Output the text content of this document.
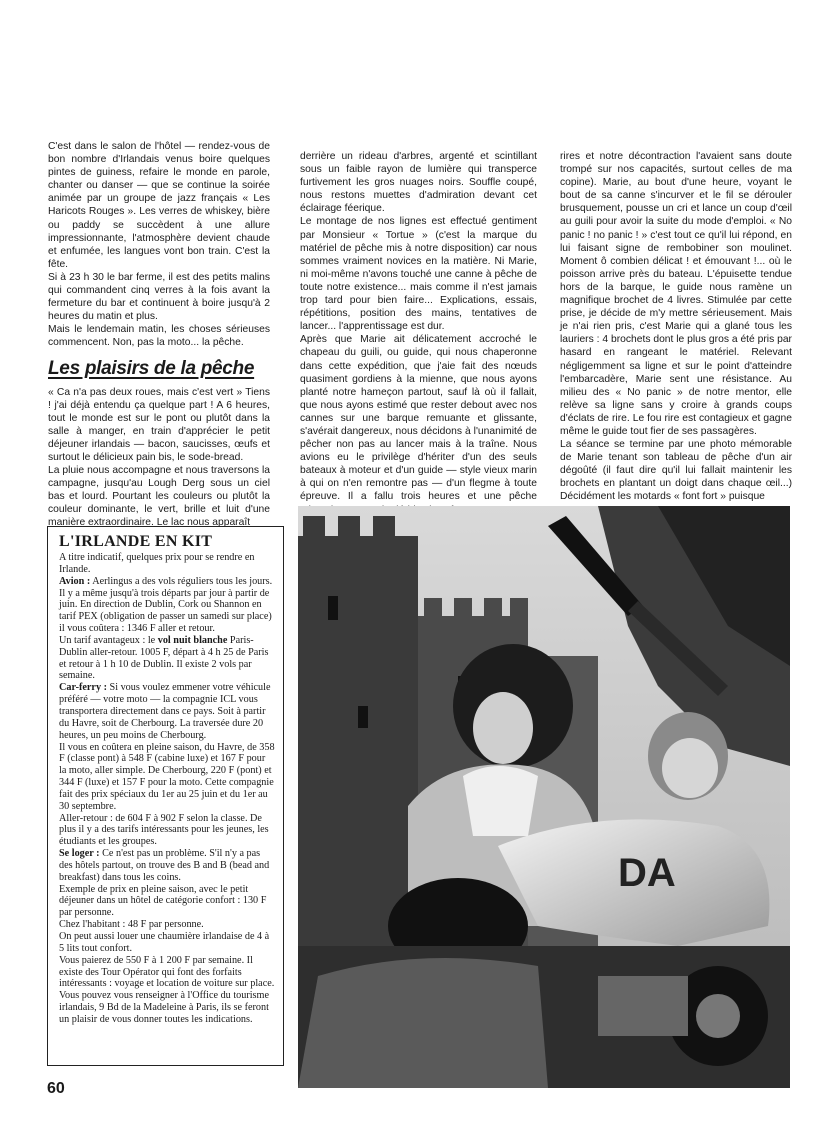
C'est dans le salon de l'hôtel — rendez-vous de bon nombre d'Irlandais venus boire quelques pintes de guiness, refaire le monde en parole, chanter ou danser — que se continue la soirée animée par un groupe de jazz français « Les Haricots Rouges ». Les verres de whiskey, bière ou paddy se succèdent à une allure impressionnante, l'atmosphère devient chaude et enfumée, les langues vont bon train. C'est la fête.

Si à 23 h 30 le bar ferme, il est des petits malins qui commandent cinq verres à la fois avant la fermeture du bar et continuent à boire jusqu'à 2 heures du matin et plus.

Mais le lendemain matin, les choses sérieuses commencent. Non, pas la moto... la pêche.

Les plaisirs de la pêche

« Ca n'a pas deux roues, mais c'est vert » Tiens ! j'ai déjà entendu ça quelque part ! A 6 heures, tout le monde est sur le pont ou plutôt dans la salle à manger, en train d'apprécier le petit déjeuner irlandais — bacon, saucisses, œufs et surtout le délicieux pain bis, le sode-bread.

La pluie nous accompagne et nous traversons la campagne, jusqu'au Lough Derg sous un ciel bas et lourd. Pourtant les couleurs ou plutôt la couleur dominante, le vert, brille et luit d'une manière extraordinaire. Le lac nous apparaît

derrière un rideau d'arbres, argenté et scintillant sous un faible rayon de lumière qui transperce furtivement les gros nuages noirs. Souffle coupé, nous restons muettes d'admiration devant cet éclairage féerique.

Le montage de nos lignes est effectué gentiment par Monsieur « Tortue » (c'est la marque du matériel de pêche mis à notre disposition) car nous sommes vraiment novices en la matière. Ni Marie, ni moi-même n'avons touché une canne à pêche de toute notre existence... mais comme il n'est jamais trop tard pour bien faire... Explications, essais, répétitions, position des mains, tentatives de lancer... l'apprentissage est dur.

Après que Marie ait délicatement accroché le chapeau du guili, ou guide, qui nous chaperonne dans cette expédition, que j'aie fait des nœuds quasiment gordiens à la mienne, que nous ayons planté notre hameçon partout, sauf là où il fallait, que nous ayons estimé que rester debout avec nos cannes sur une barque remuante et glissante, s'avérait dangereux, nous décidons à l'unanimité de pêcher non pas au lancer mais à la traîne. Nous avions eu le privilège d'hériter d'un des seuls bateaux à moteur et d'un guide — style vieux marin à qui on n'en remontre pas — d'un flegme à toute épreuve. Il a fallu trois heures et une pêche

rires et notre décontraction l'avaient sans doute trompé sur nos capacités, surtout celles de ma copine). Marie, au bout d'une heure, voyant le bout de sa canne s'incurver et le fil se dérouler brusquement, pousse un cri et lance un coup d'œil au guili pour avoir la suite du mode d'emploi. « No panic ! no panic ! » c'est tout ce qu'il lui répond, en lui faisant signe de rembobiner son moulinet. Moment ô combien délicat ! et émouvant !... où le poisson arrive près du bateau. L'épuisette tendue hors de la barque, le guide nous ramène un magnifique brochet de 4 livres. Stimulée par cette prise, je décide de m'y mettre sérieusement. Mais je n'ai rien pris, c'est Marie qui a glané tous les lauriers : 4 brochets dont le plus gros a été pris par hasard en rangeant le matériel. Relevant négligemment sa ligne et sur le point d'atteindre l'embarcadère, Marie sent une résistance. Au milieu des « No panic » de notre mentor, elle relève sa ligne sans y croire à grands coups d'éclats de rire. Le fou rire est contagieux et gagne même le guide tout fier de ses passagères.

La séance se termine par une photo mémorable de Marie tenant son tableau de pêche d'un air dégoûté (il faut dire qu'il lui fallait maintenir les brochets en plantant un doigt dans chaque œil...) Décidément les motards « font fort » puisque

L'IRLANDE EN KIT

A titre indicatif, quelques prix pour se rendre en Irlande.

Avion : Aerlingus a des vols réguliers tous les jours. Il y a même jusqu'à trois départs par jour à partir de juin. En direction de Dublin, Cork ou Shannon en tarif PEX (obligation de passer un samedi sur place) il vous coûtera : 1346 F aller et retour.

Un tarif avantageux : le vol nuit blanche Paris-Dublin aller-retour. 1005 F, départ à 4 h 25 de Paris et retour à 1 h 10 de Dublin. Il existe 2 vols par semaine.

Car-ferry : Si vous voulez emmener votre véhicule préféré — votre moto — la compagnie ICL vous transportera directement dans ce pays. Soit à partir du Havre, soit de Cherbourg. La traversée dure 20 heures, un peu moins de Cherbourg.

Il vous en coûtera en pleine saison, du Havre, de 358 F (classe pont) à 548 F (cabine luxe) et 167 F pour la moto, aller simple. De Cherbourg, 220 F (pont) et 344 F (luxe) et 157 F pour la moto. Cette compagnie fait des prix spéciaux du 1er au 25 juin et du 1er au 30 septembre.

Aller-retour : de 604 F à 902 F selon la classe. De plus il y a des tarifs intéressants pour les jeunes, les étudiants et les groupes.

Se loger : Ce n'est pas un problème. S'il n'y a pas des hôtels partout, on trouve des B and B (bead and breakfast) dans tous les coins.

Exemple de prix en pleine saison, avec le petit déjeuner dans un hôtel de catégorie confort : 130 F par personne.

Chez l'habitant : 48 F par personne.

On peut aussi louer une chaumière irlandaise de 4 à 5 lits tout confort.

Vous paierez de 550 F à 1 200 F par semaine. Il existe des Tour Opérator qui font des forfaits intéressants : voyage et location de voiture sur place. Vous pouvez vous renseigner à l'Office du tourisme irlandais, 9 Bd de la Madeleine à Paris, ils se feront un plaisir de vous donner toutes les indications.

DA
60
